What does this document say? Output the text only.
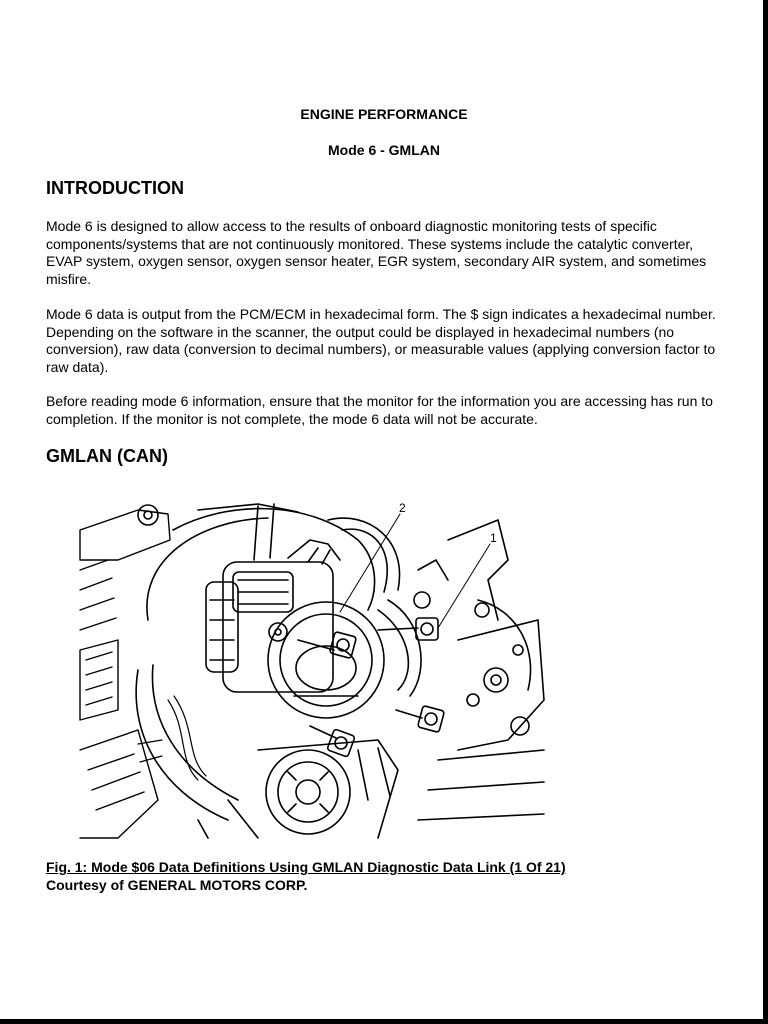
ENGINE PERFORMANCE
Mode 6 - GMLAN
INTRODUCTION
Mode 6 is designed to allow access to the results of onboard diagnostic monitoring tests of specific components/systems that are not continuously monitored. These systems include the catalytic converter, EVAP system, oxygen sensor, oxygen sensor heater, EGR system, secondary AIR system, and sometimes misfire.
Mode 6 data is output from the PCM/ECM in hexadecimal form. The $ sign indicates a hexadecimal number. Depending on the software in the scanner, the output could be displayed in hexadecimal numbers (no conversion), raw data (conversion to decimal numbers), or measurable values (applying conversion factor to raw data).
Before reading mode 6 information, ensure that the monitor for the information you are accessing has run to completion. If the monitor is not complete, the mode 6 data will not be accurate.
GMLAN (CAN)
2
1
Fig. 1: Mode $06 Data Definitions Using GMLAN Diagnostic Data Link (1 Of 21)
Courtesy of GENERAL MOTORS CORP.
